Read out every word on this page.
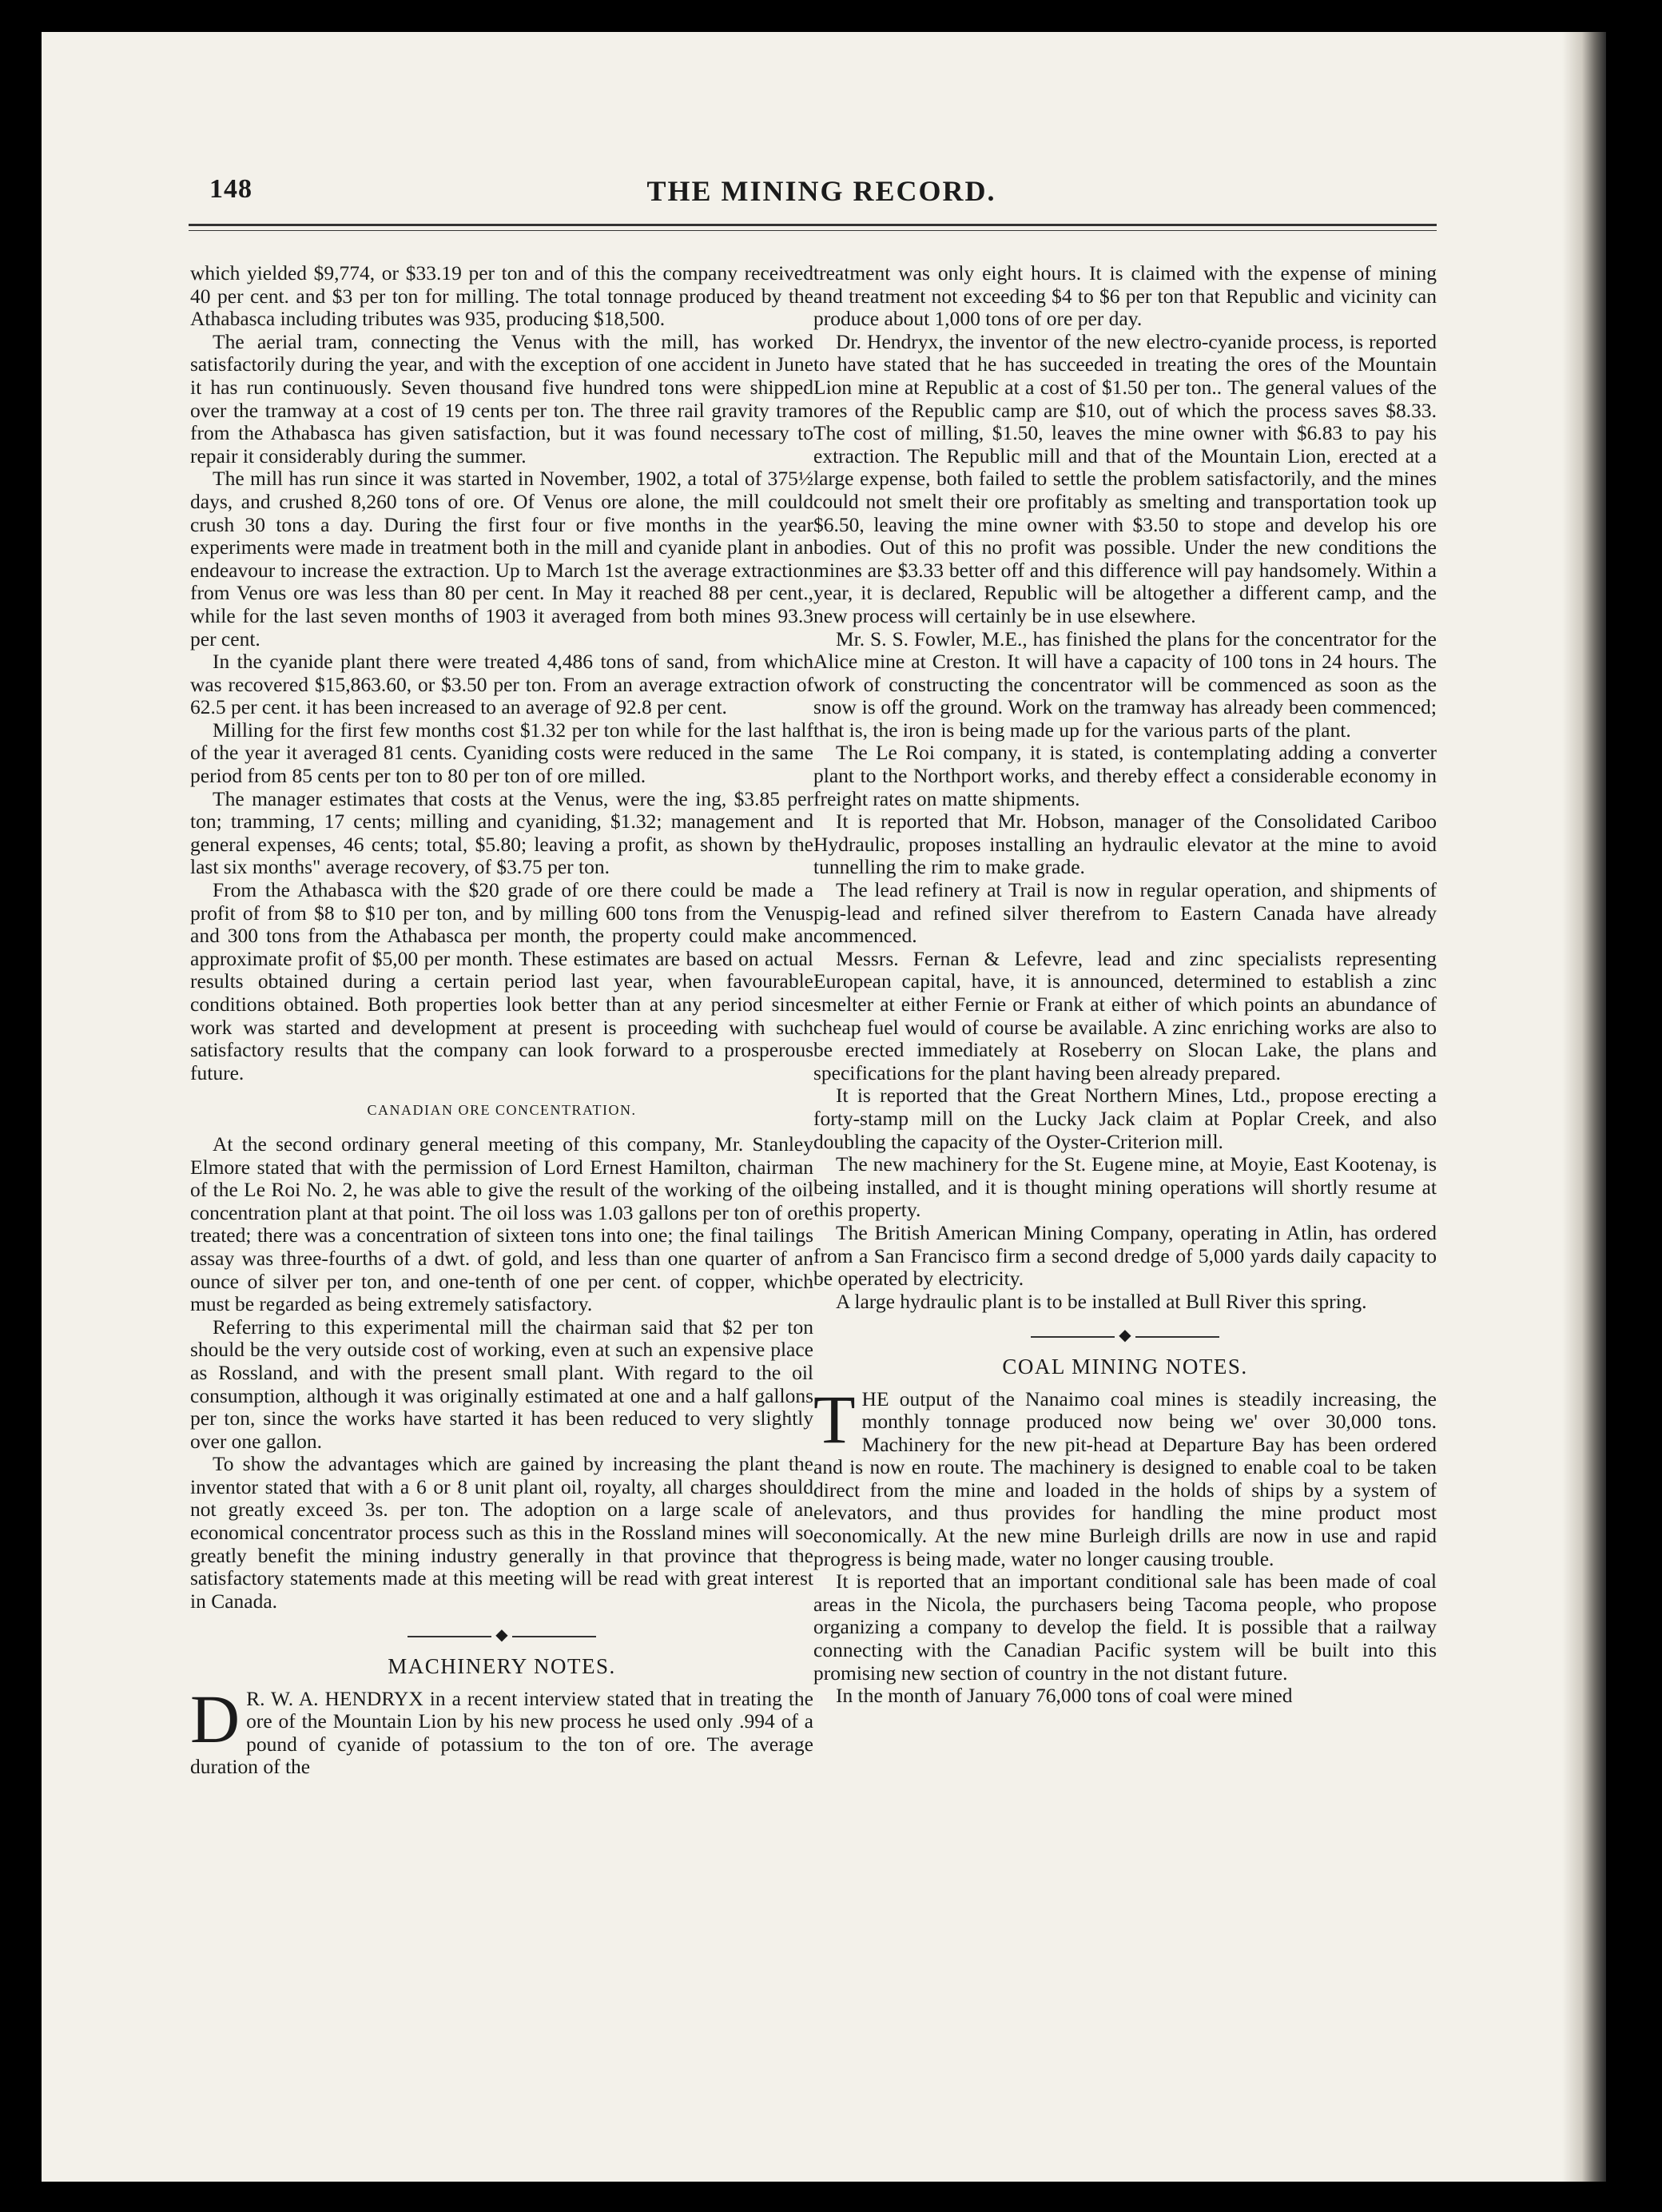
148	THE MINING RECORD.

which yielded $9,774, or $33.19 per ton and of this the company received 40 per cent. and $3 per ton for milling. The total tonnage produced by the Athabasca including tributes was 935, producing $18,500.

The aerial tram, connecting the Venus with the mill, has worked satisfactorily during the year, and with the exception of one accident in June it has run continuously. Seven thousand five hundred tons were shipped over the tramway at a cost of 19 cents per ton. The three rail gravity tram from the Athabasca has given satisfaction, but it was found necessary to repair it considerably during the summer.

The mill has run since it was started in November, 1902, a total of 375½ days, and crushed 8,260 tons of ore. Of Venus ore alone, the mill could crush 30 tons a day. During the first four or five months in the year experiments were made in treatment both in the mill and cyanide plant in an endeavour to increase the extraction. Up to March 1st the average extraction from Venus ore was less than 80 per cent. In May it reached 88 per cent., while for the last seven months of 1903 it averaged from both mines 93.3 per cent.

In the cyanide plant there were treated 4,486 tons of sand, from which was recovered $15,863.60, or $3.50 per ton. From an average extraction of 62.5 per cent. it has been increased to an average of 92.8 per cent.

Milling for the first few months cost $1.32 per ton while for the last half of the year it averaged 81 cents. Cyaniding costs were reduced in the same period from 85 cents per ton to 80 per ton of ore milled.

The manager estimates that costs at the Venus, were the ing, $3.85 per ton; tramming, 17 cents; milling and cyaniding, $1.32; management and general expenses, 46 cents; total, $5.80; leaving a profit, as shown by the last six months" average recovery, of $3.75 per ton.

From the Athabasca with the $20 grade of ore there could be made a profit of from $8 to $10 per ton, and by milling 600 tons from the Venus and 300 tons from the Athabasca per month, the property could make an approximate profit of $5,00 per month. These estimates are based on actual results obtained during a certain period last year, when favourable conditions obtained. Both properties look better than at any period since work was started and development at present is proceeding with such satisfactory results that the company can look forward to a prosperous future.

CANADIAN ORE CONCENTRATION.

At the second ordinary general meeting of this company, Mr. Stanley Elmore stated that with the permission of Lord Ernest Hamilton, chairman of the Le Roi No. 2, he was able to give the result of the working of the oil concentration plant at that point. The oil loss was 1.03 gallons per ton of ore treated; there was a concentration of sixteen tons into one; the final tailings assay was three-fourths of a dwt. of gold, and less than one quarter of an ounce of silver per ton, and one-tenth of one per cent. of copper, which must be regarded as being extremely satisfactory.

Referring to this experimental mill the chairman said that $2 per ton should be the very outside cost of working, even at such an expensive place as Rossland, and with the present small plant. With regard to the oil consumption, although it was originally estimated at one and a half gallons per ton, since the works have started it has been reduced to very slightly over one gallon.

To show the advantages which are gained by increasing the plant the inventor stated that with a 6 or 8 unit plant oil, royalty, all charges should not greatly exceed 3s. per ton. The adoption on a large scale of an economical concentrator process such as this in the Rossland mines will so greatly benefit the mining industry generally in that province that the satisfactory statements made at this meeting will be read with great interest in Canada.

◆
MACHINERY NOTES.

D R. W. A. HENDRYX in a recent interview stated that in treating the ore of the Mountain Lion by his new process he used only .994 of a pound of cyanide of potassium to the ton of ore. The average duration of the

treatment was only eight hours. It is claimed with the expense of mining and treatment not exceeding $4 to $6 per ton that Republic and vicinity can produce about 1,000 tons of ore per day.

Dr. Hendryx, the inventor of the new electro-cyanide process, is reported to have stated that he has succeeded in treating the ores of the Mountain Lion mine at Republic at a cost of $1.50 per ton.. The general values of the ores of the Republic camp are $10, out of which the process saves $8.33. The cost of milling, $1.50, leaves the mine owner with $6.83 to pay his extraction. The Republic mill and that of the Mountain Lion, erected at a large expense, both failed to settle the problem satisfactorily, and the mines could not smelt their ore profitably as smelting and transportation took up $6.50, leaving the mine owner with $3.50 to stope and develop his ore bodies. Out of this no profit was possible. Under the new conditions the mines are $3.33 better off and this difference will pay handsomely. Within a year, it is declared, Republic will be altogether a different camp, and the new process will certainly be in use elsewhere.

Mr. S. S. Fowler, M.E., has finished the plans for the concentrator for the Alice mine at Creston. It will have a capacity of 100 tons in 24 hours. The work of constructing the concentrator will be commenced as soon as the snow is off the ground. Work on the tramway has already been commenced; that is, the iron is being made up for the various parts of the plant.

The Le Roi company, it is stated, is contemplating adding a converter plant to the Northport works, and thereby effect a considerable economy in freight rates on matte shipments.

It is reported that Mr. Hobson, manager of the Consolidated Cariboo Hydraulic, proposes installing an hydraulic elevator at the mine to avoid tunnelling the rim to make grade.

The lead refinery at Trail is now in regular operation, and shipments of pig-lead and refined silver therefrom to Eastern Canada have already commenced.

Messrs. Fernan & Lefevre, lead and zinc specialists representing European capital, have, it is announced, determined to establish a zinc smelter at either Fernie or Frank at either of which points an abundance of cheap fuel would of course be available. A zinc enriching works are also to be erected immediately at Roseberry on Slocan Lake, the plans and specifications for the plant having been already prepared.

It is reported that the Great Northern Mines, Ltd., propose erecting a forty-stamp mill on the Lucky Jack claim at Poplar Creek, and also doubling the capacity of the Oyster-Criterion mill.

The new machinery for the St. Eugene mine, at Moyie, East Kootenay, is being installed, and it is thought mining operations will shortly resume at this property.

The British American Mining Company, operating in Atlin, has ordered from a San Francisco firm a second dredge of 5,000 yards daily capacity to be operated by electricity.

A large hydraulic plant is to be installed at Bull River this spring.

◆
COAL MINING NOTES.

THE output of the Nanaimo coal mines is steadily increasing, the monthly tonnage produced now being we' over 30,000 tons. Machinery for the new pit-head at Departure Bay has been ordered and is now en route. The machinery is designed to enable coal to be taken direct from the mine and loaded in the holds of ships by a system of elevators, and thus provides for handling the mine product most economically. At the new mine Burleigh drills are now in use and rapid progress is being made, water no longer causing trouble.

It is reported that an important conditional sale has been made of coal areas in the Nicola, the purchasers being Tacoma people, who propose organizing a company to develop the field. It is possible that a railway connecting with the Canadian Pacific system will be built into this promising new section of country in the not distant future.

In the month of January 76,000 tons of coal were mined
